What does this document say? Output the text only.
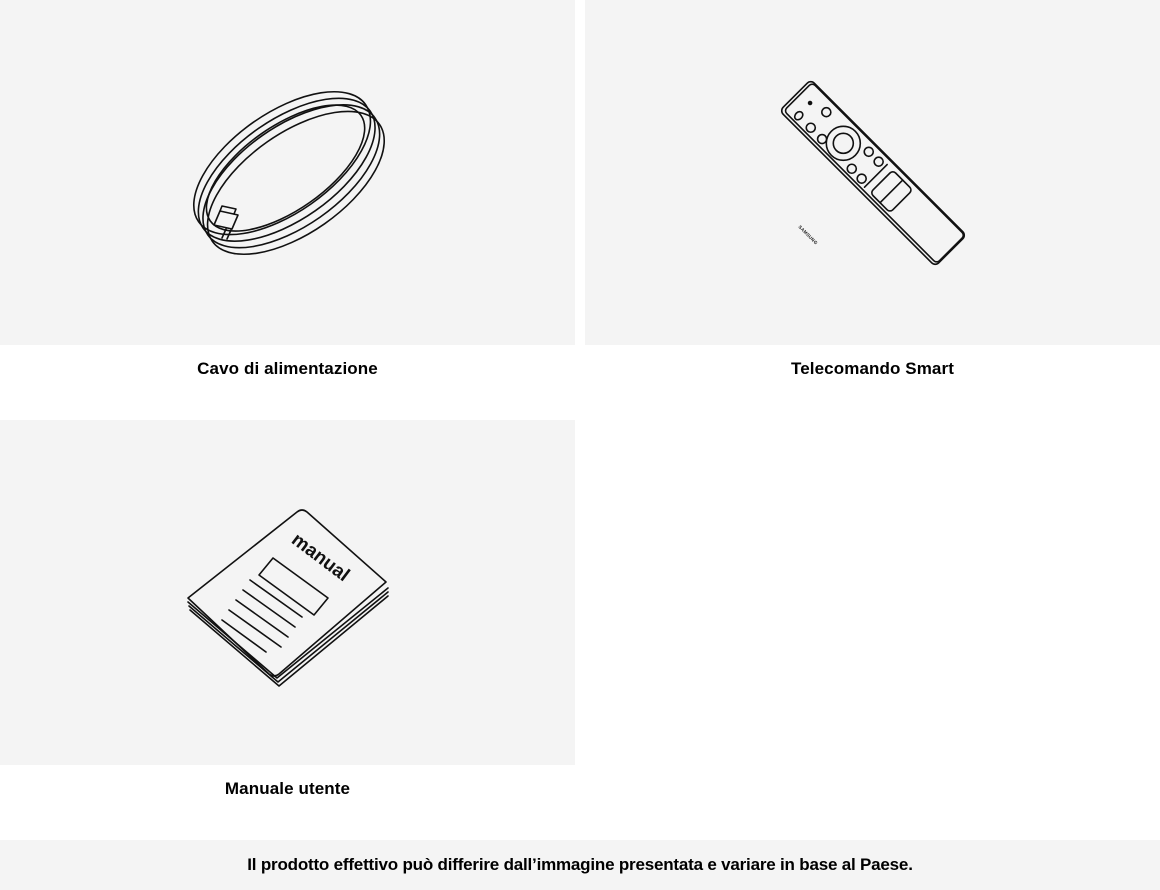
Cavo di alimentazione
SAMSUNG
Telecomando Smart
manual
Manuale utente
Il prodotto effettivo può differire dall’immagine presentata e variare in base al Paese.
